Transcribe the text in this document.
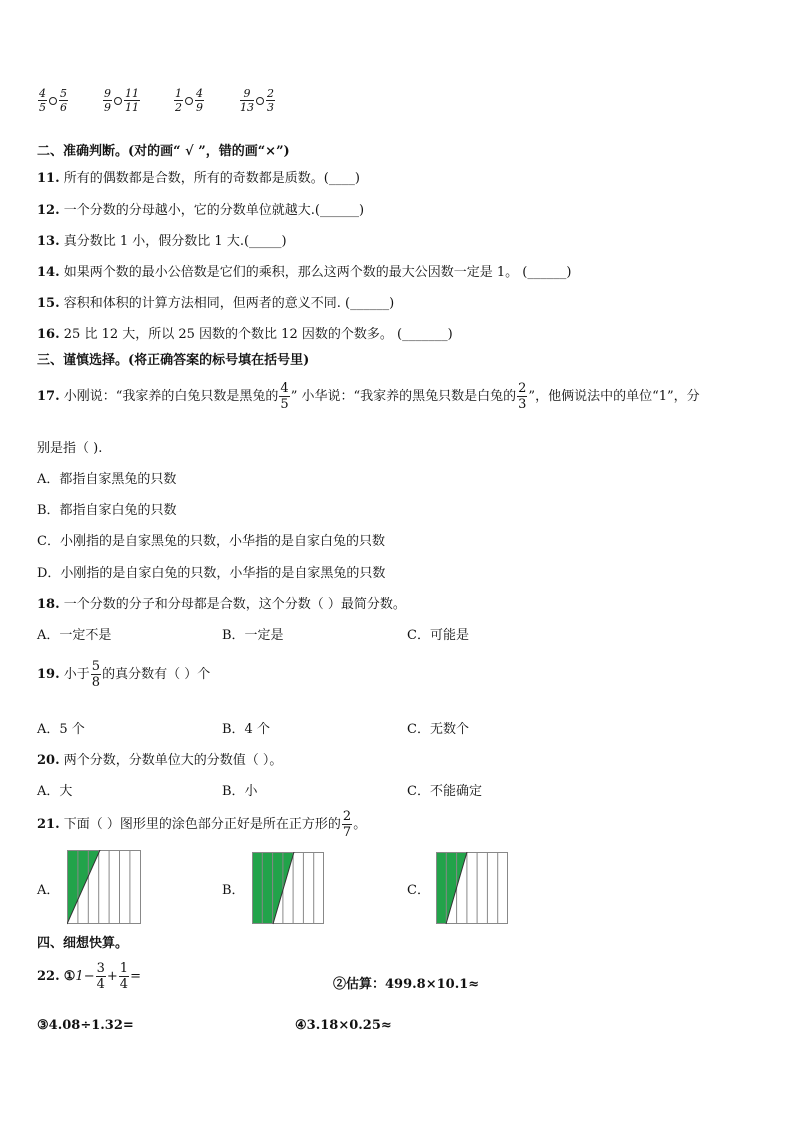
$\frac{4}{5} \frac{5}{6}$	$\frac{9}{9} \frac{11}{11}$	$\frac{1}{2} \frac{4}{9}$	$\frac{9}{13} \frac{2}{3}$
二、准确判断。(对的画“ √ ”，错的画“×”)
11. 所有的偶数都是合数，所有的奇数都是质数。(____)
12. 一个分数的分母越小，它的分数单位就越大.(______)
13. 真分数比 1 小，假分数比 1 大.(_____)
14. 如果两个数的最小公倍数是它们的乘积，那么这两个数的最大公因数一定是 1。 (______)
15. 容积和体积的计算方法相同，但两者的意义不同. (______)
16. 25 比 12 大，所以 25 因数的个数比 12 因数的个数多。 (_______)
三、谨慎选择。(将正确答案的标号填在括号里)
17. 小刚说：“我家养的白兔只数是黑兔的 $\frac{4}{5}$ ” 小华说：“我家养的黑兔只数是白兔的 $\frac{2}{3}$ ”，他俩说法中的单位“1”，分
别是指（ ).
A．都指自家黑兔的只数
B．都指自家白兔的只数
C．小刚指的是自家黑兔的只数，小华指的是自家白兔的只数
D．小刚指的是自家白兔的只数，小华指的是自家黑兔的只数
18. 一个分数的分子和分母都是合数，这个分数（ ）最简分数。
A．一定不是	B．一定是	C．可能是
19. 小于 $\frac{5}{8}$ 的真分数有（ ）个
A．5 个	B．4 个	C．无数个
20. 两个分数，分数单位大的分数值（ ）。
A．大	B．小	C．不能确定
21. 下面（ ）图形里的涂色部分正好是所在正方形的 $\frac{2}{7}$ 。
A．	B．	C．
四、细想快算。
22. ①1− $\frac{3}{4} + \frac{1}{4}$ =
②估算：499.8×10.1≈
③4.08÷1.32=	④3.18×0.25≈
